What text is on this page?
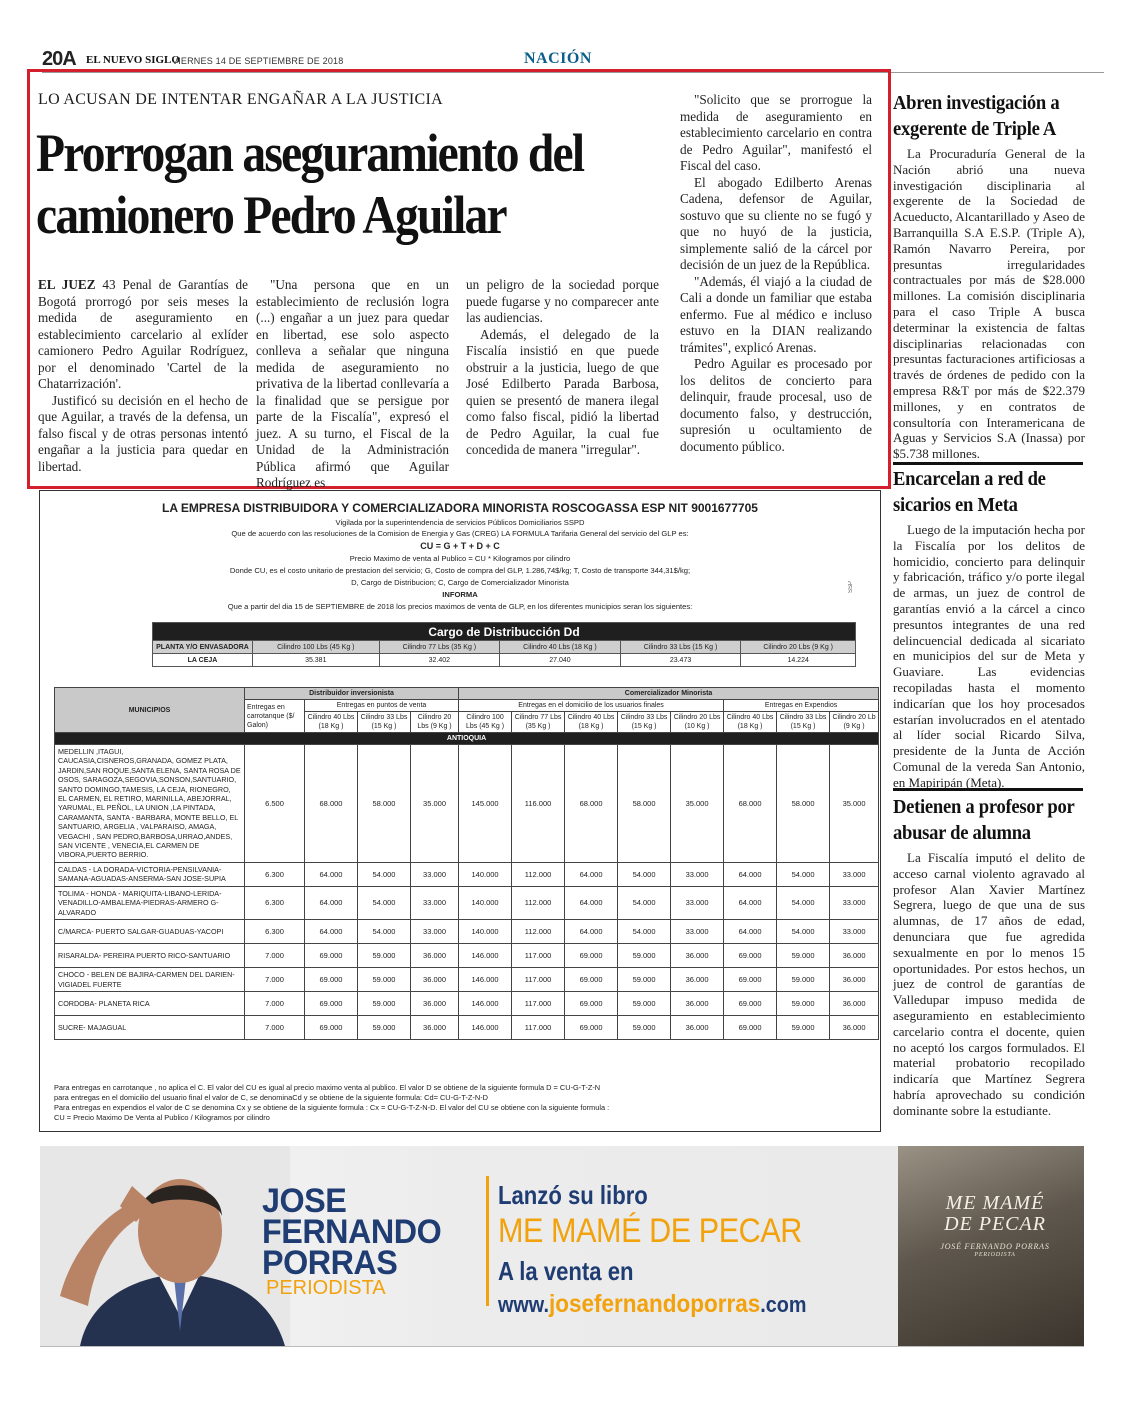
20A EL NUEVO SIGLO
VIERNES 14 DE SEPTIEMBRE DE 2018	NACIÓN
LO ACUSAN DE INTENTAR ENGAÑAR A LA JUSTICIA
Prorrogan aseguramiento del camionero Pedro Aguilar

EL JUEZ 43 Penal de Garantías de Bogotá prorrogó por seis meses la medida de aseguramiento en establecimiento carcelario al exlíder camionero Pedro Aguilar Rodríguez, por el denominado 'Cartel de la Chatarrización'.

Justificó su decisión en el hecho de que Aguilar, a través de la defensa, un falso fiscal y de otras personas intentó engañar a la justicia para quedar en libertad.

"Una persona que en un establecimiento de reclusión logra (...) engañar a un juez para quedar en libertad, ese solo aspecto conlleva a señalar que ninguna medida de aseguramiento no privativa de la libertad conllevaría a la finalidad que se persigue por parte de la Fiscalía", expresó el juez. A su turno, el Fiscal de la Unidad de la Administración Pública afirmó que Aguilar Rodríguez es

un peligro de la sociedad porque puede fugarse y no comparecer ante las audiencias.

Además, el delegado de la Fiscalía insistió en que puede obstruir a la justicia, luego de que José Edilberto Parada Barbosa, quien se presentó de manera ilegal como falso fiscal, pidió la libertad de Pedro Aguilar, la cual fue concedida de manera "irregular".

"Solicito que se prorrogue la medida de aseguramiento en establecimiento carcelario en contra de Pedro Aguilar", manifestó el Fiscal del caso.

El abogado Edilberto Arenas Cadena, defensor de Aguilar, sostuvo que su cliente no se fugó y que no huyó de la justicia, simplemente salió de la cárcel por decisión de un juez de la República.

"Además, él viajó a la ciudad de Cali a donde un familiar que estaba enfermo. Fue al médico e incluso estuvo en la DIAN realizando trámites", explicó Arenas.

Pedro Aguilar es procesado por los delitos de concierto para delinquir, fraude procesal, uso de documento falso, y destrucción, supresión u ocultamiento de documento público.

Abren investigación a exgerente de Triple A

La Procuraduría General de la Nación abrió una nueva investigación disciplinaria al exgerente de la Sociedad de Acueducto, Alcantarillado y Aseo de Barranquilla S.A E.S.P. (Triple A), Ramón Navarro Pereira, por presuntas irregularidades contractuales por más de $28.000 millones. La comisión disciplinaria para el caso Triple A busca determinar la existencia de faltas disciplinarias relacionadas con presuntas facturaciones artificiosas a través de órdenes de pedido con la empresa R&T por más de $22.379 millones, y en contratos de consultoría con Interamericana de Aguas y Servicios S.A (Inassa) por $5.738 millones.

Encarcelan a red de sicarios en Meta

Luego de la imputación hecha por la Fiscalía por los delitos de homicidio, concierto para delinquir y fabricación, tráfico y/o porte ilegal de armas, un juez de control de garantías envió a la cárcel a cinco presuntos integrantes de una red delincuencial dedicada al sicariato en municipios del sur de Meta y Guaviare. Las evidencias recopiladas hasta el momento indicarían que los hoy procesados estarían involucrados en el atentado al líder social Ricardo Silva, presidente de la Junta de Acción Comunal de la vereda San Antonio, en Mapiripán (Meta).

Detienen a profesor por abusar de alumna

La Fiscalía imputó el delito de acceso carnal violento agravado al profesor Alan Xavier Martínez Segrera, luego de que una de sus alumnas, de 17 años de edad, denunciara que fue agredida sexualmente en por lo menos 15 oportunidades. Por estos hechos, un juez de control de garantías de Valledupar impuso medida de aseguramiento en establecimiento carcelario contra el docente, quien no aceptó los cargos formulados. El material probatorio recopilado indicaría que Martínez Segrera habría aprovechado su condición dominante sobre la estudiante.

LA EMPRESA DISTRIBUIDORA Y COMERCIALIZADORA MINORISTA ROSCOGASSA ESP NIT 9001677705
Vigilada por la superintendencia de servicios Públicos Domiciliarios SSPD
Que de acuerdo con las resoluciones de la Comision de Energia y Gas (CREG) LA FORMULA Tarifaria General del servicio del GLP es:
CU = G + T + D + C
Precio Maximo de venta al Publico = CU * Kilogramos por cilindro
Donde CU, es el costo unitario de prestacion del servicio; G, Costo de compra del GLP, 1.286,74$/kg; T, Costo de transporte 344,31$/kg;
D, Cargo de Distribucion; C, Cargo de Comercializador Minorista
INFORMA
Que a partir del dia 15 de SEPTIEMBRE de 2018 los precios maximos de venta de GLP, en los diferentes municipios seran los siguientes:
SSP
Cargo de Distribucción Dd					
PLANTA Y/O ENVASADORA	Cilindro 100 Lbs (45 Kg )	Cilindro 77 Lbs (35 Kg )	Cilindro 40 Lbs (18 Kg )	Cilindro 33 Lbs (15 Kg )	Cilindro 20 Lbs (9 Kg )
LA CEJA	35.381	32.402	27.040	23.473	14.224
MUNICIPIOS	Distribuidor inversionista				Comercializador Minorista							
	Entregas en carrotanque ($/ Galon)	Entregas en puntos de venta			Entregas en el domicilio de los usuarios finales					Entregas en Expendios		
		Cilindro 40 Lbs (18 Kg )	Cilindro 33 Lbs (15 Kg )	Cilindro 20 Lbs (9 Kg )	Cilindro 100 Lbs (45 Kg )	Cilindro 77 Lbs (35 Kg )	Cilindro 40 Lbs (18 Kg )	Cilindro 33 Lbs (15 Kg )	Cilindro 20 Lbs (10 Kg )	Cilindro 40 Lbs (18 Kg )	Cilindro 33 Lbs (15 Kg )	Cilindro 20 Lb (9 Kg )
ANTIOQUIA												
MEDELLIN ,ITAGUI, CAUCASIA,CISNEROS,GRANADA, GOMEZ PLATA, JARDIN,SAN ROQUE,SANTA ELENA, SANTA ROSA DE OSOS, SARAGOZA,SEGOVIA,SONSON,SANTUARIO, SANTO DOMINGO,TAMESIS, LA CEJA, RIONEGRO, EL CARMEN, EL RETIRO, MARINILLA, ABEJORRAL, YARUMAL, EL PEÑOL, LA UNION ,LA PINTADA, CARAMANTA, SANTA - BARBARA, MONTE BELLO, EL SANTUARIO, ARGELIA , VALPARAISO, AMAGA, VEGACHI , SAN PEDRO,BARBOSA,URRAO,ANDES, SAN VICENTE , VENECIA,EL CARMEN DE VIBORA,PUERTO BERRIO.	6.500	68.000	58.000	35.000	145.000	116.000	68.000	58.000	35.000	68.000	58.000	35.000
CALDAS - LA DORADA-VICTORIA-PENSILVANIA-SAMANA-AGUADAS-ANSERMA-SAN JOSE-SUPIA	6.300	64.000	54.000	33.000	140.000	112.000	64.000	54.000	33.000	64.000	54.000	33.000
TOLIMA - HONDA - MARIQUITA-LIBANO-LERIDA-VENADILLO-AMBALEMA-PIEDRAS-ARMERO G-ALVARADO	6.300	64.000	54.000	33.000	140.000	112.000	64.000	54.000	33.000	64.000	54.000	33.000
C/MARCA- PUERTO SALGAR-GUADUAS-YACOPI	6.300	64.000	54.000	33.000	140.000	112.000	64.000	54.000	33.000	64.000	54.000	33.000
RISARALDA- PEREIRA PUERTO RICO-SANTUARIO	7.000	69.000	59.000	36.000	146.000	117.000	69.000	59.000	36.000	69.000	59.000	36.000
CHOCO - BELEN DE BAJIRA-CARMEN DEL DARIEN-VIGIADEL FUERTE	7.000	69.000	59.000	36.000	146.000	117.000	69.000	59.000	36.000	69.000	59.000	36.000
CORDOBA- PLANETA RICA	7.000	69.000	59.000	36.000	146.000	117.000	69.000	59.000	36.000	69.000	59.000	36.000
SUCRE- MAJAGUAL	7.000	69.000	59.000	36.000	146.000	117.000	69.000	59.000	36.000	69.000	59.000	36.000
Para entregas en carrotanque , no aplica el C. El valor del CU es igual al precio maximo venta al publico. El valor D se obtiene de la siguiente formula D = CU-G-T-Z-N
para entregas en el domicilio del usuario final el valor de C, se denominaCd y se obtiene de la siguiente formula: Cd= CU-G-T-Z-N-D
Para entregas en expendios el valor de C se denomina Cx y se obtiene de la siguiente formula : Cx = CU-G-T-Z-N-D. El valor del CU se obtiene con la siguiente formula :
CU = Precio Maximo De Venta al Publico / Kilogramos por cilindro
JOSE
FERNANDO
PORRAS
PERIODISTA
Lanzó su libro
ME MAMÉ DE PECAR
A la venta en
www.josefernandoporras.com
ME MAMÉ DE PECAR
JOSÉ FERNANDO PORRAS
PERIODISTA
